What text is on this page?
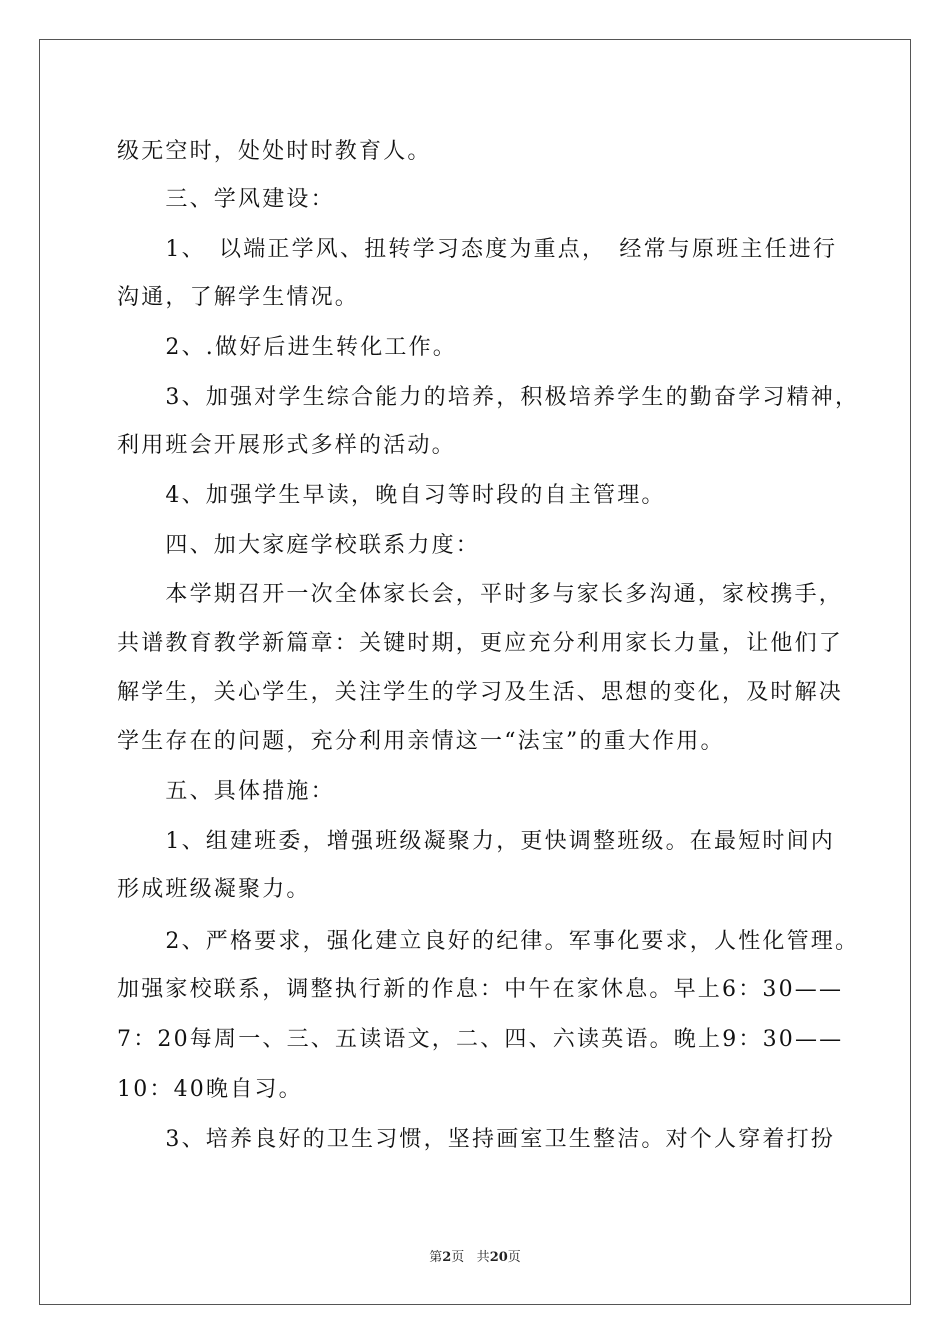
级无空时，处处时时教育人。

　　三、学风建设：

　　1、　以端正学风、扭转学习态度为重点，　经常与原班主任进行

沟通，了解学生情况。

　　2、.做好后进生转化工作。

　　3、加强对学生综合能力的培养，积极培养学生的勤奋学习精神，

利用班会开展形式多样的活动。

　　4、加强学生早读，晚自习等时段的自主管理。

　　四、加大家庭学校联系力度：

　　本学期召开一次全体家长会，平时多与家长多沟通，家校携手，

共谱教育教学新篇章：关键时期，更应充分利用家长力量，让他们了

解学生，关心学生，关注学生的学习及生活、思想的变化，及时解决

学生存在的问题，充分利用亲情这一“法宝”的重大作用。

　　五、具体措施：

　　1、组建班委，增强班级凝聚力，更快调整班级。在最短时间内

形成班级凝聚力。

　　2、严格要求，强化建立良好的纪律。军事化要求，人性化管理。

加强家校联系，调整执行新的作息：中午在家休息。早上6：30——

7：20每周一、三、五读语文，二、四、六读英语。晚上9：30——

10：40晚自习。

　　3、培养良好的卫生习惯，坚持画室卫生整洁。对个人穿着打扮

第2页 共20页
